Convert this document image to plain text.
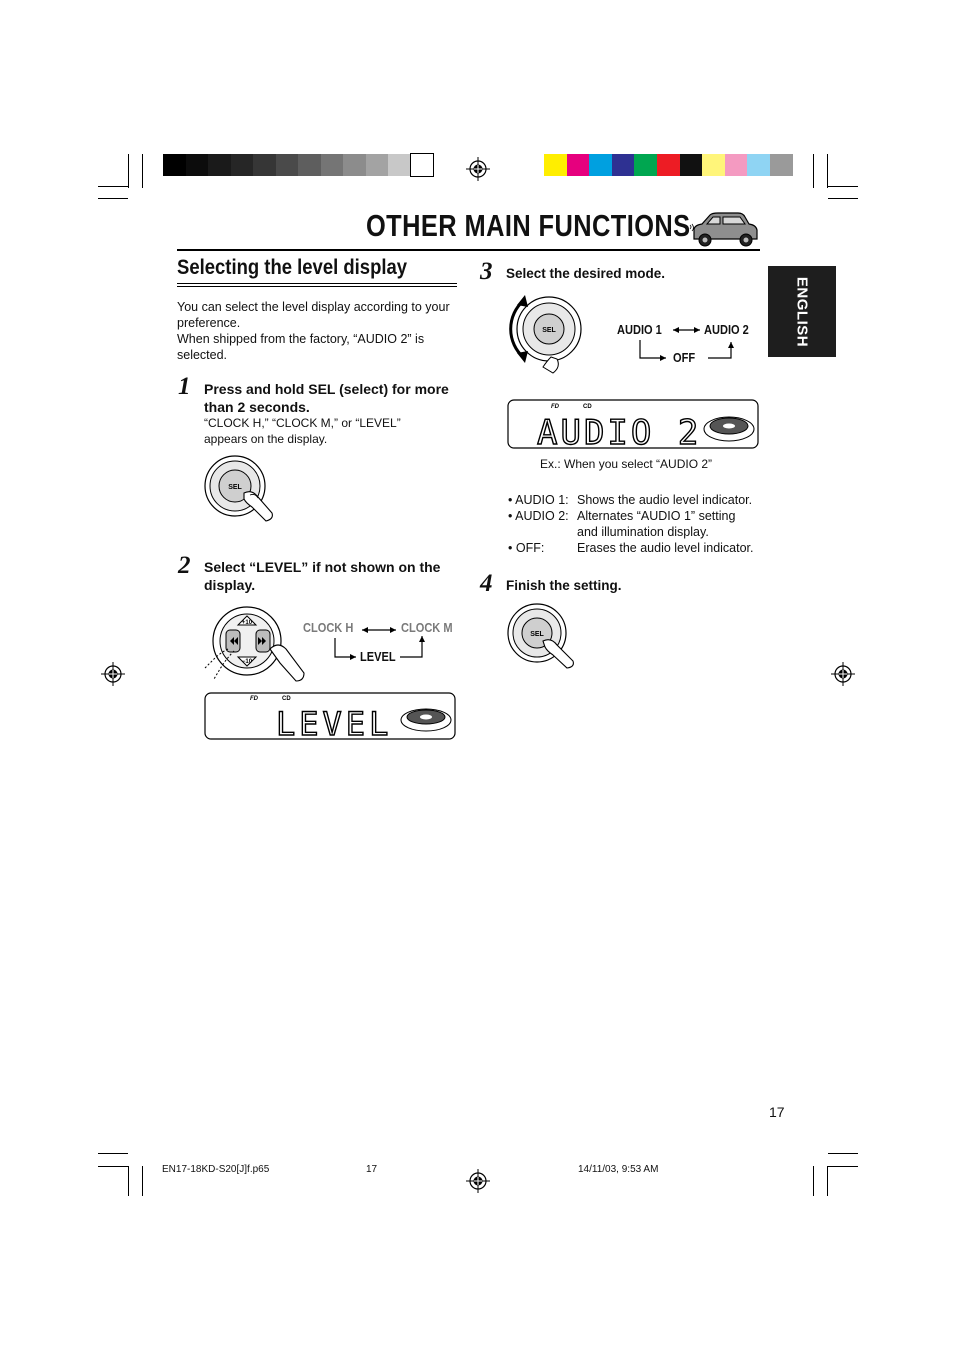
OTHER MAIN FUNCTIONS
ENGLISH
Selecting the level display
You can select the level display according to your
preference.
When shipped from the factory, “AUDIO 2” is
selected.
1 Press and hold SEL (select) for more
than 2 seconds.
“CLOCK H,” “CLOCK M,” or “LEVEL”
appears on the display.
SEL
2 Select “LEVEL” if not shown on the
display.
+10
−10
CLOCK H	CLOCK M
LEVEL
FD	CD
LEVEL
3 Select the desired mode.
SEL	AUDIO 1	AUDIO 2
OFF
FD	CD
AUDIO 2
Ex.: When you select “AUDIO 2”
• AUDIO 1: Shows the audio level indicator.
• AUDIO 2: Alternates “AUDIO 1” setting and illumination display.
• OFF:	Erases the audio level indicator.
4 Finish the setting.
SEL
17
EN17-18KD-S20[J]f.p65	17	14/11/03, 9:53 AM
